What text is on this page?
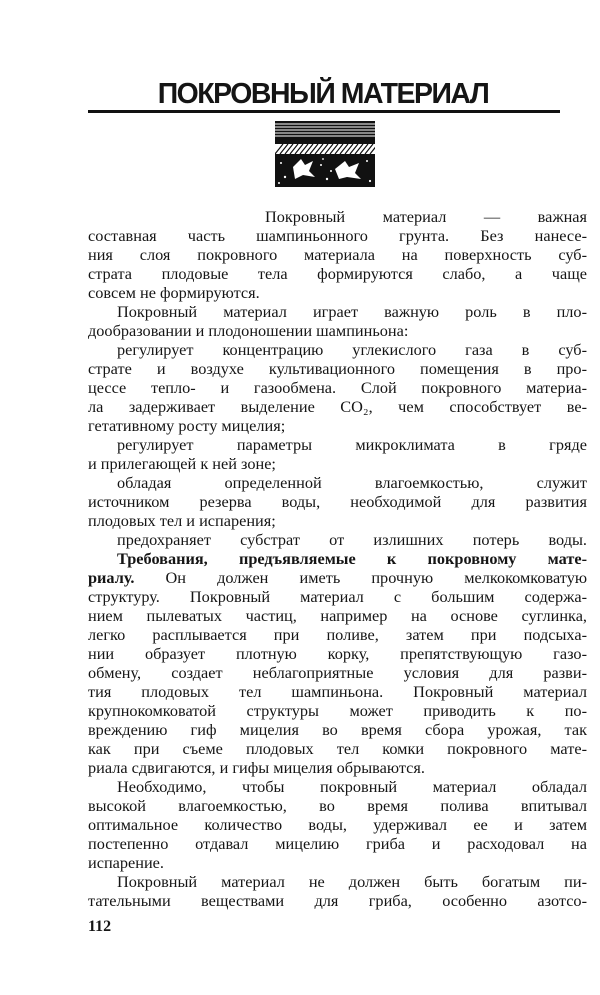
ПОКРОВНЫЙ МАТЕРИАЛ
Покровный материал — важная
составная часть шампиньонного грунта. Без нанесе-
ния слоя покровного материала на поверхность суб-
страта плодовые тела формируются слабо, а чаще
совсем не формируются.
Покровный материал играет важную роль в пло-
дообразовании и плодоношении шампиньона:
регулирует концентрацию углекислого газа в суб-
страте и воздухе культивационного помещения в про-
цессе тепло- и газообмена. Слой покровного материа-
ла задерживает выделение CO₂, чем способствует ве-
гетативному росту мицелия;
регулирует параметры микроклимата в гряде
и прилегающей к ней зоне;
обладая определенной влагоемкостью, служит
источником резерва воды, необходимой для развития
плодовых тел и испарения;
предохраняет субстрат от излишних потерь воды.
Требования, предъявляемые к покровному мате-
риалу. Он должен иметь прочную мелкокомковатую
структуру. Покровный материал с большим содержа-
нием пылеватых частиц, например на основе суглинка,
легко расплывается при поливе, затем при подсыха-
нии образует плотную корку, препятствующую газо-
обмену, создает неблагоприятные условия для разви-
тия плодовых тел шампиньона. Покровный материал
крупнокомковатой структуры может приводить к по-
вреждению гиф мицелия во время сбора урожая, так
как при съеме плодовых тел комки покровного мате-
риала сдвигаются, и гифы мицелия обрываются.
Необходимо, чтобы покровный материал обладал
высокой влагоемкостью, во время полива впитывал
оптимальное количество воды, удерживал ее и затем
постепенно отдавал мицелию гриба и расходовал на
испарение.
Покровный материал не должен быть богатым пи-
тательными веществами для гриба, особенно азотсо-
112
